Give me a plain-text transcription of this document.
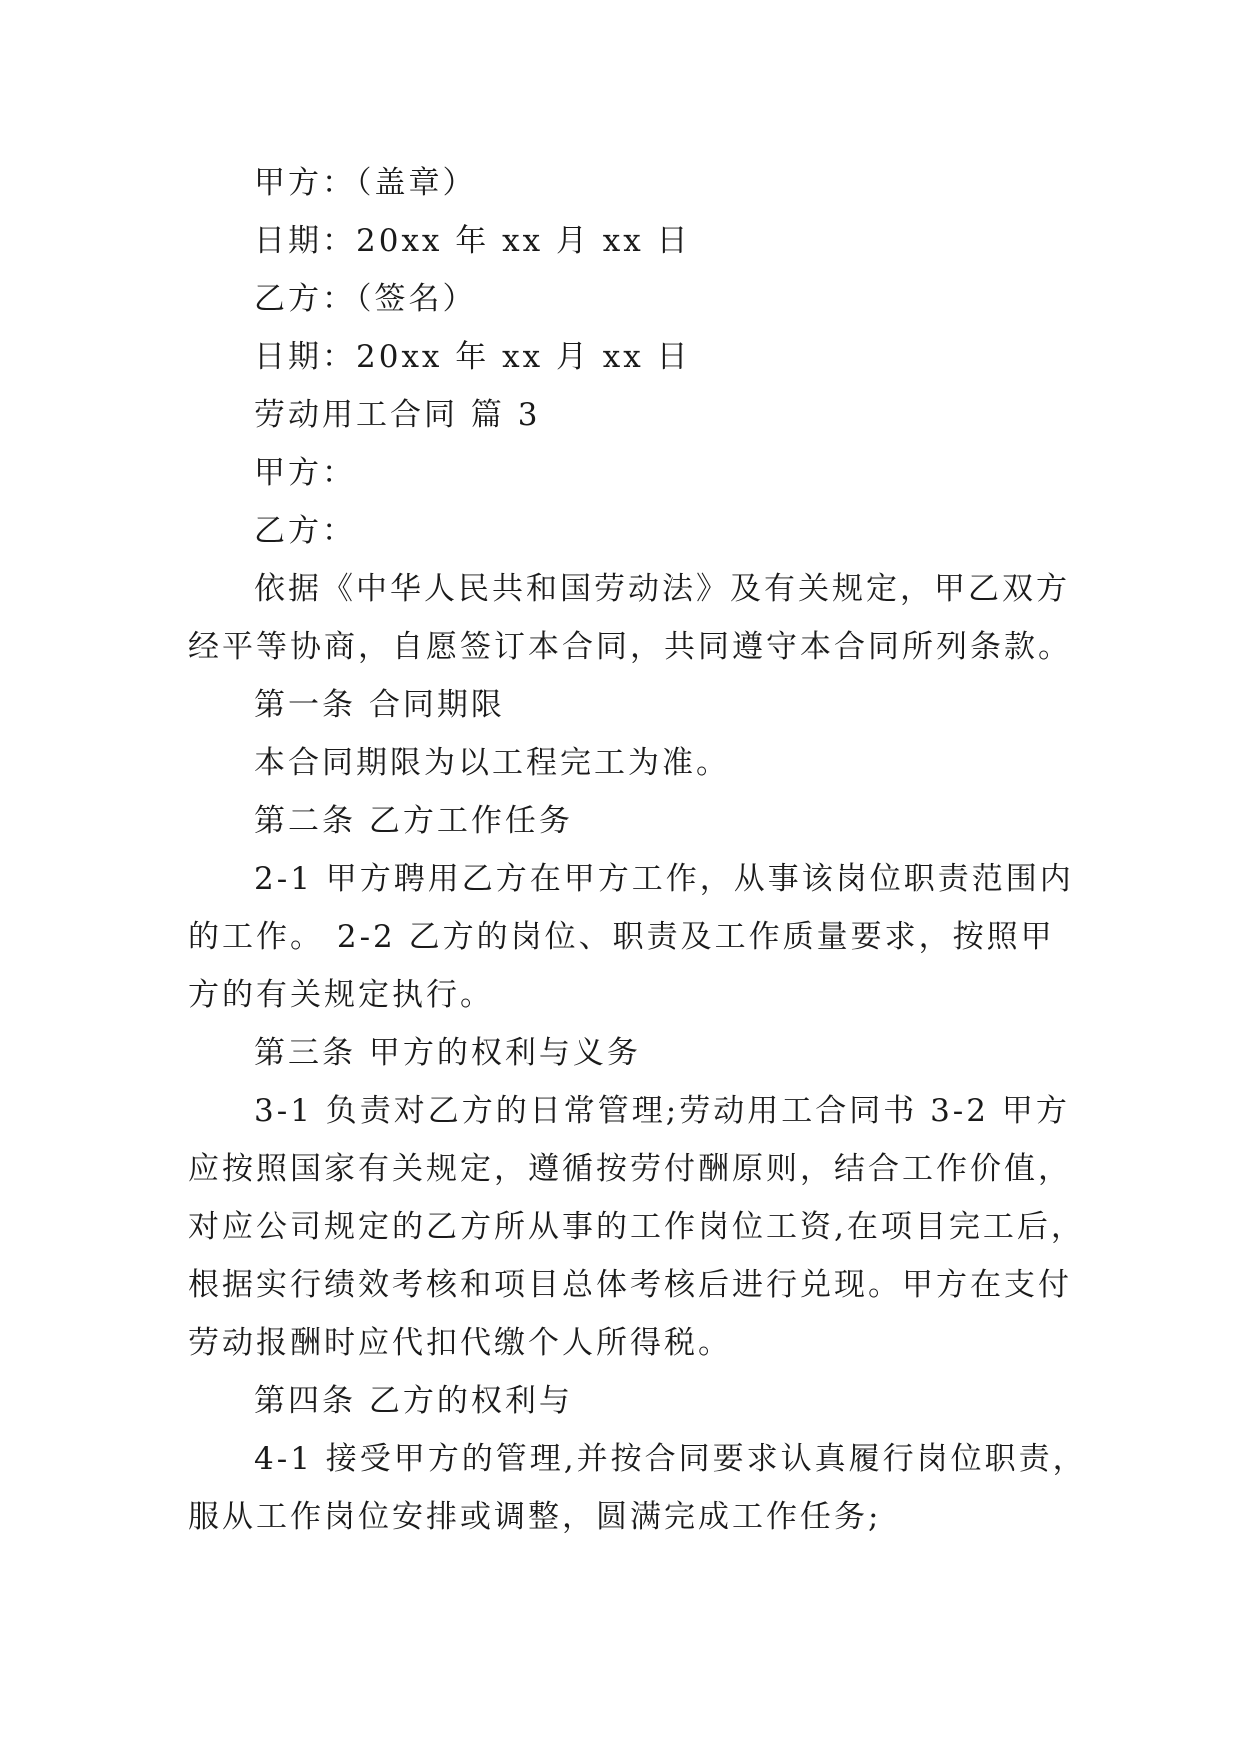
甲方：（盖章）
日期：20xx 年 xx 月 xx 日
乙方：（签名）
日期：20xx 年 xx 月 xx 日
劳动用工合同 篇 3
甲方：
乙方：
依据《中华人民共和国劳动法》及有关规定，甲乙双方
经平等协商，自愿签订本合同，共同遵守本合同所列条款。
第一条 合同期限
本合同期限为以工程完工为准。
第二条 乙方工作任务
2-1 甲方聘用乙方在甲方工作，从事该岗位职责范围内
的工作。 2-2 乙方的岗位、职责及工作质量要求，按照甲
方的有关规定执行。
第三条 甲方的权利与义务
3-1 负责对乙方的日常管理;劳动用工合同书 3-2 甲方
应按照国家有关规定，遵循按劳付酬原则，结合工作价值，
对应公司规定的乙方所从事的工作岗位工资,在项目完工后，
根据实行绩效考核和项目总体考核后进行兑现。甲方在支付
劳动报酬时应代扣代缴个人所得税。
第四条 乙方的权利与
4-1 接受甲方的管理,并按合同要求认真履行岗位职责，
服从工作岗位安排或调整，圆满完成工作任务;
